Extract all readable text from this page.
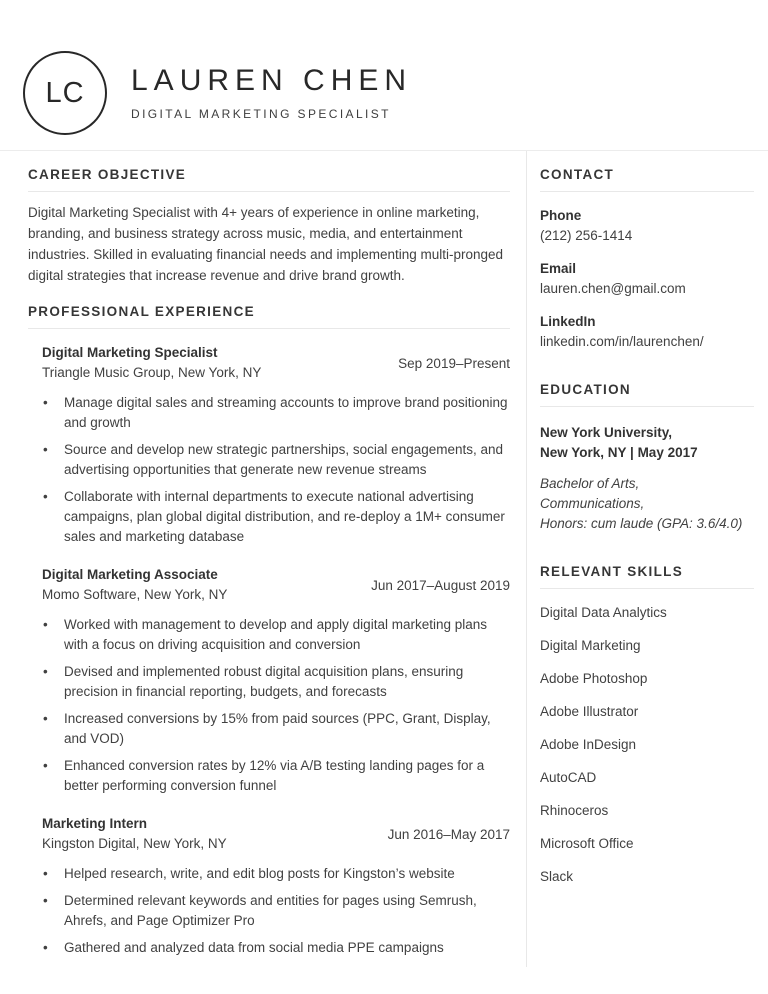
LC LAUREN CHEN
DIGITAL MARKETING SPECIALIST
CAREER OBJECTIVE

Digital Marketing Specialist with 4+ years of experience in online marketing, branding, and business strategy across music, media, and entertainment industries. Skilled in evaluating financial needs and implementing multi-pronged digital strategies that increase revenue and drive brand growth.

PROFESSIONAL EXPERIENCE
Digital Marketing Specialist
Triangle Music Group, New York, NY
Sep 2019–Present
• Manage digital sales and streaming accounts to improve brand positioning and growth
• Source and develop new strategic partnerships, social engagements, and advertising opportunities that generate new revenue streams
• Collaborate with internal departments to execute national advertising campaigns, plan global digital distribution, and re-deploy a 1M+ consumer sales and marketing database
Digital Marketing Associate
Momo Software, New York, NY
Jun 2017–August 2019
• Worked with management to develop and apply digital marketing plans with a focus on driving acquisition and conversion
• Devised and implemented robust digital acquisition plans, ensuring precision in financial reporting, budgets, and forecasts
• Increased conversions by 15% from paid sources (PPC, Grant, Display, and VOD)
• Enhanced conversion rates by 12% via A/B testing landing pages for a better performing conversion funnel
Marketing Intern
Kingston Digital, New York, NY
Jun 2016–May 2017
• Helped research, write, and edit blog posts for Kingston’s website
• Determined relevant keywords and entities for pages using Semrush, Ahrefs, and Page Optimizer Pro
• Gathered and analyzed data from social media PPE campaigns
CONTACT
Phone
(212) 256-1414
Email
lauren.chen@gmail.com
LinkedIn
linkedin.com/in/laurenchen/
EDUCATION
New York University,
New York, NY | May 2017
Bachelor of Arts,
Communications,
Honors: cum laude (GPA: 3.6/4.0)
RELEVANT SKILLS
Digital Data Analytics
Digital Marketing
Adobe Photoshop
Adobe Illustrator
Adobe InDesign
AutoCAD
Rhinoceros
Microsoft Office
Slack
